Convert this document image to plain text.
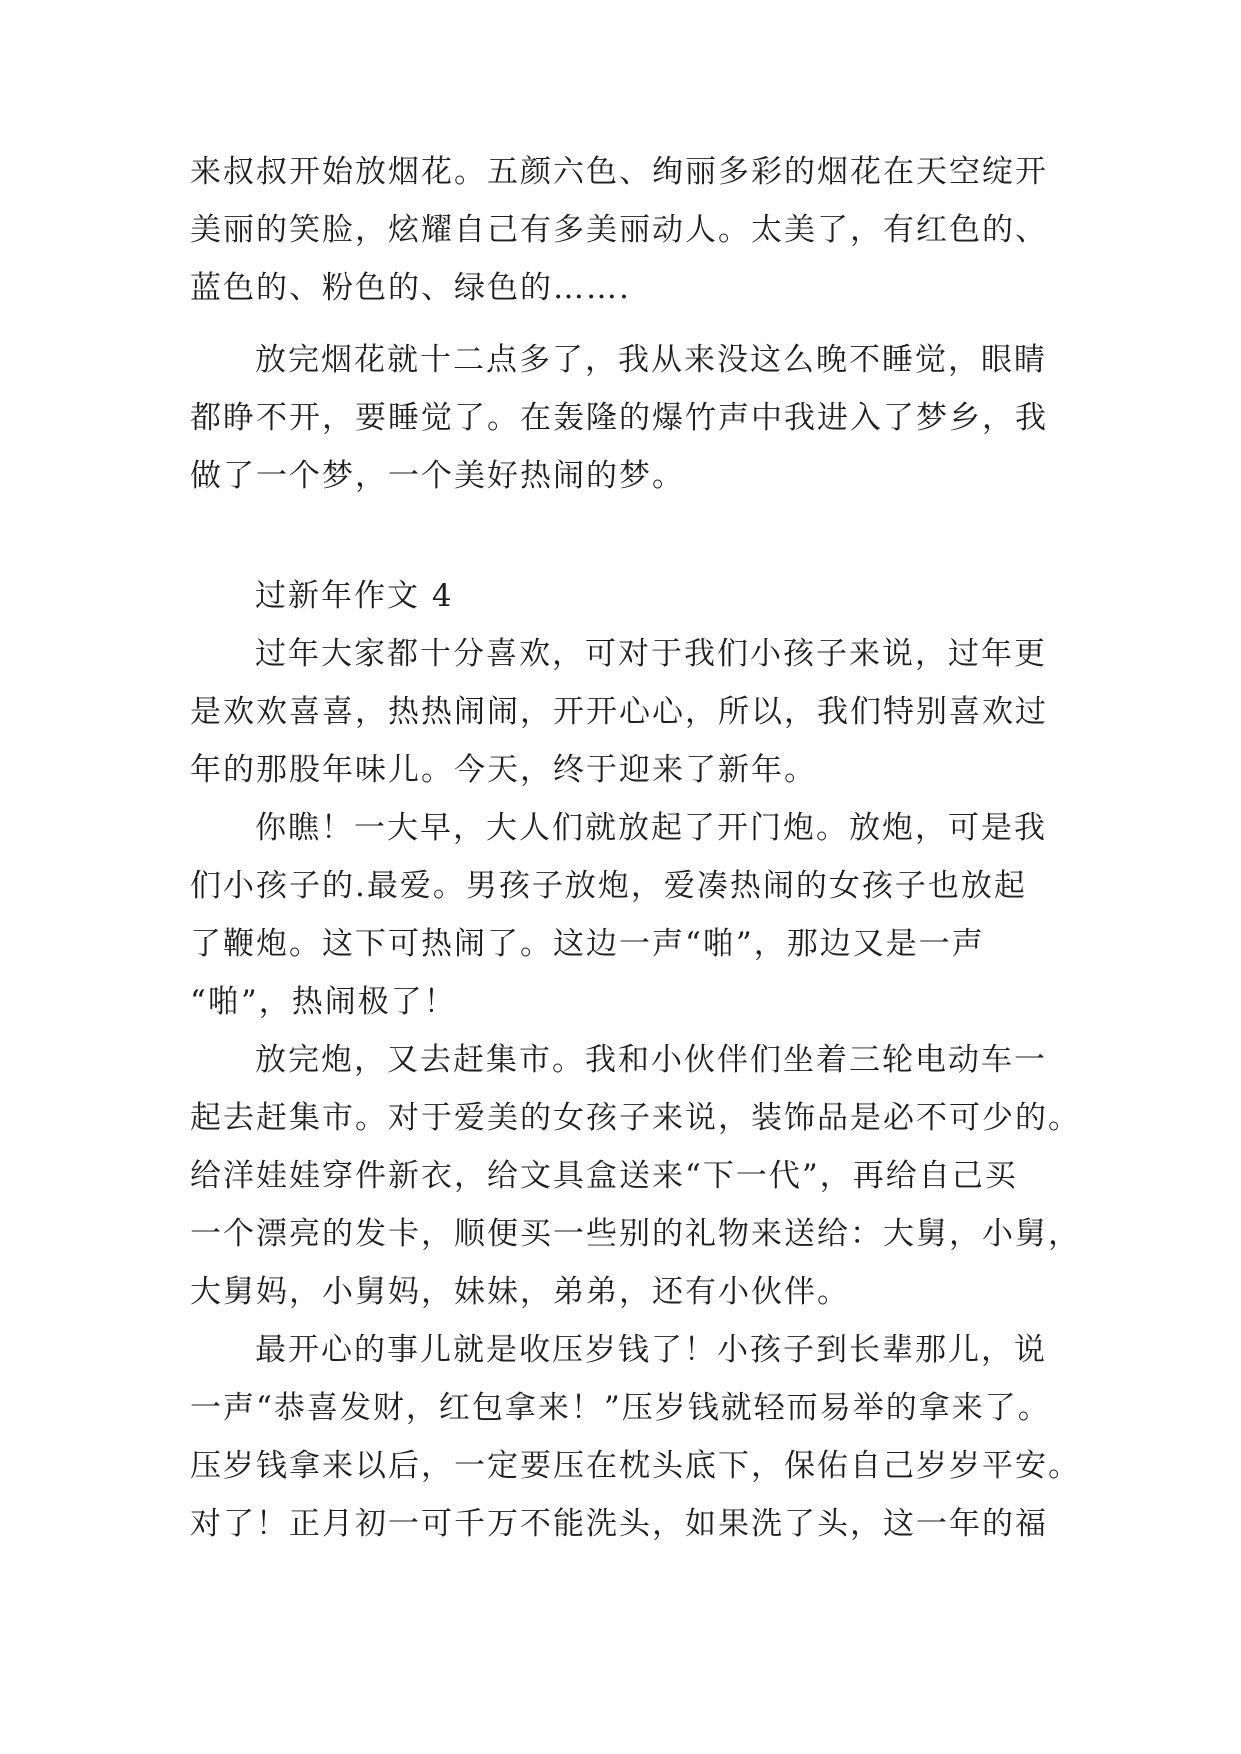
来叔叔开始放烟花。五颜六色、绚丽多彩的烟花在天空绽开
美丽的笑脸，炫耀自己有多美丽动人。太美了，有红色的、
蓝色的、粉色的、绿色的…….
放完烟花就十二点多了，我从来没这么晚不睡觉，眼睛
都睁不开，要睡觉了。在轰隆的爆竹声中我进入了梦乡，我
做了一个梦，一个美好热闹的梦。
过新年作文 4
过年大家都十分喜欢，可对于我们小孩子来说，过年更
是欢欢喜喜，热热闹闹，开开心心，所以，我们特别喜欢过
年的那股年味儿。今天，终于迎来了新年。
你瞧！一大早，大人们就放起了开门炮。放炮，可是我
们小孩子的.最爱。男孩子放炮，爱凑热闹的女孩子也放起
了鞭炮。这下可热闹了。这边一声“啪”，那边又是一声
“啪”，热闹极了！
放完炮，又去赶集市。我和小伙伴们坐着三轮电动车一
起去赶集市。对于爱美的女孩子来说，装饰品是必不可少的。
给洋娃娃穿件新衣，给文具盒送来“下一代”，再给自己买
一个漂亮的发卡，顺便买一些别的礼物来送给：大舅，小舅，
大舅妈，小舅妈，妹妹，弟弟，还有小伙伴。
最开心的事儿就是收压岁钱了！小孩子到长辈那儿，说
一声“恭喜发财，红包拿来！”压岁钱就轻而易举的拿来了。
压岁钱拿来以后，一定要压在枕头底下，保佑自己岁岁平安。
对了！正月初一可千万不能洗头，如果洗了头，这一年的福
